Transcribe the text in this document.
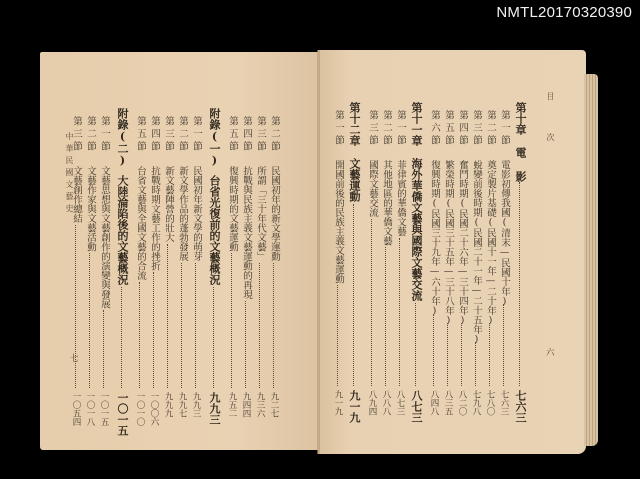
NMTL20170320390
第二節
民國初年的新文學運動
九二七
第三節
所謂「三十年代文藝」
九三六
第四節
抗戰與民族主義文藝運動的再現
九四四
第五節
復興時期的文藝運動
九五二
附錄(一)
台省光復前的文藝概況
九九三
第一節
民國初年新文學的萌芽
九九三
第二節
新文學作品的蓬勃發展
九九七
第三節
新文藝陣營的壯大
九九九
第四節
抗戰時期文藝工作的挫折
一〇〇六
第五節
台省文藝與全國文藝的合流
一〇一〇
附錄(二)
大陸淪陷後的文藝概況
一〇一五
第一節
文藝思想與文藝創作的演變與發展
一〇一五
第二節
文藝作家與文藝活動
一〇一八
第三節
文藝創作總結
一〇五四
中華民國文藝史
七
第十章
電 影
七六三
第一節
電影初傳我國(清末—民國十年)
七六三
第二節
奠定製片基礎(民國十一年—二十年)
七八〇
第三節
蛻變前後時期(民國二十一年—二十五年)
七九八
第四節
奮鬥時期(民國二十六年—三十四年)
八二〇
第五節
繁榮時期(民國三十五年—三十八年)
八三五
第六節
復興時期(民國三十九年—六十年)
八四八
第十一章
海外華僑文藝與國際文藝交流
八七三
第一節
菲律賓的華僑文藝
八七三
第二節
其他地區的華僑文藝
八八八
第三節
國際文藝交流
八九四
第十二章
文藝運動
九一九
第一節
開國前後的民族主義文藝運動
九一九
目 次
六
